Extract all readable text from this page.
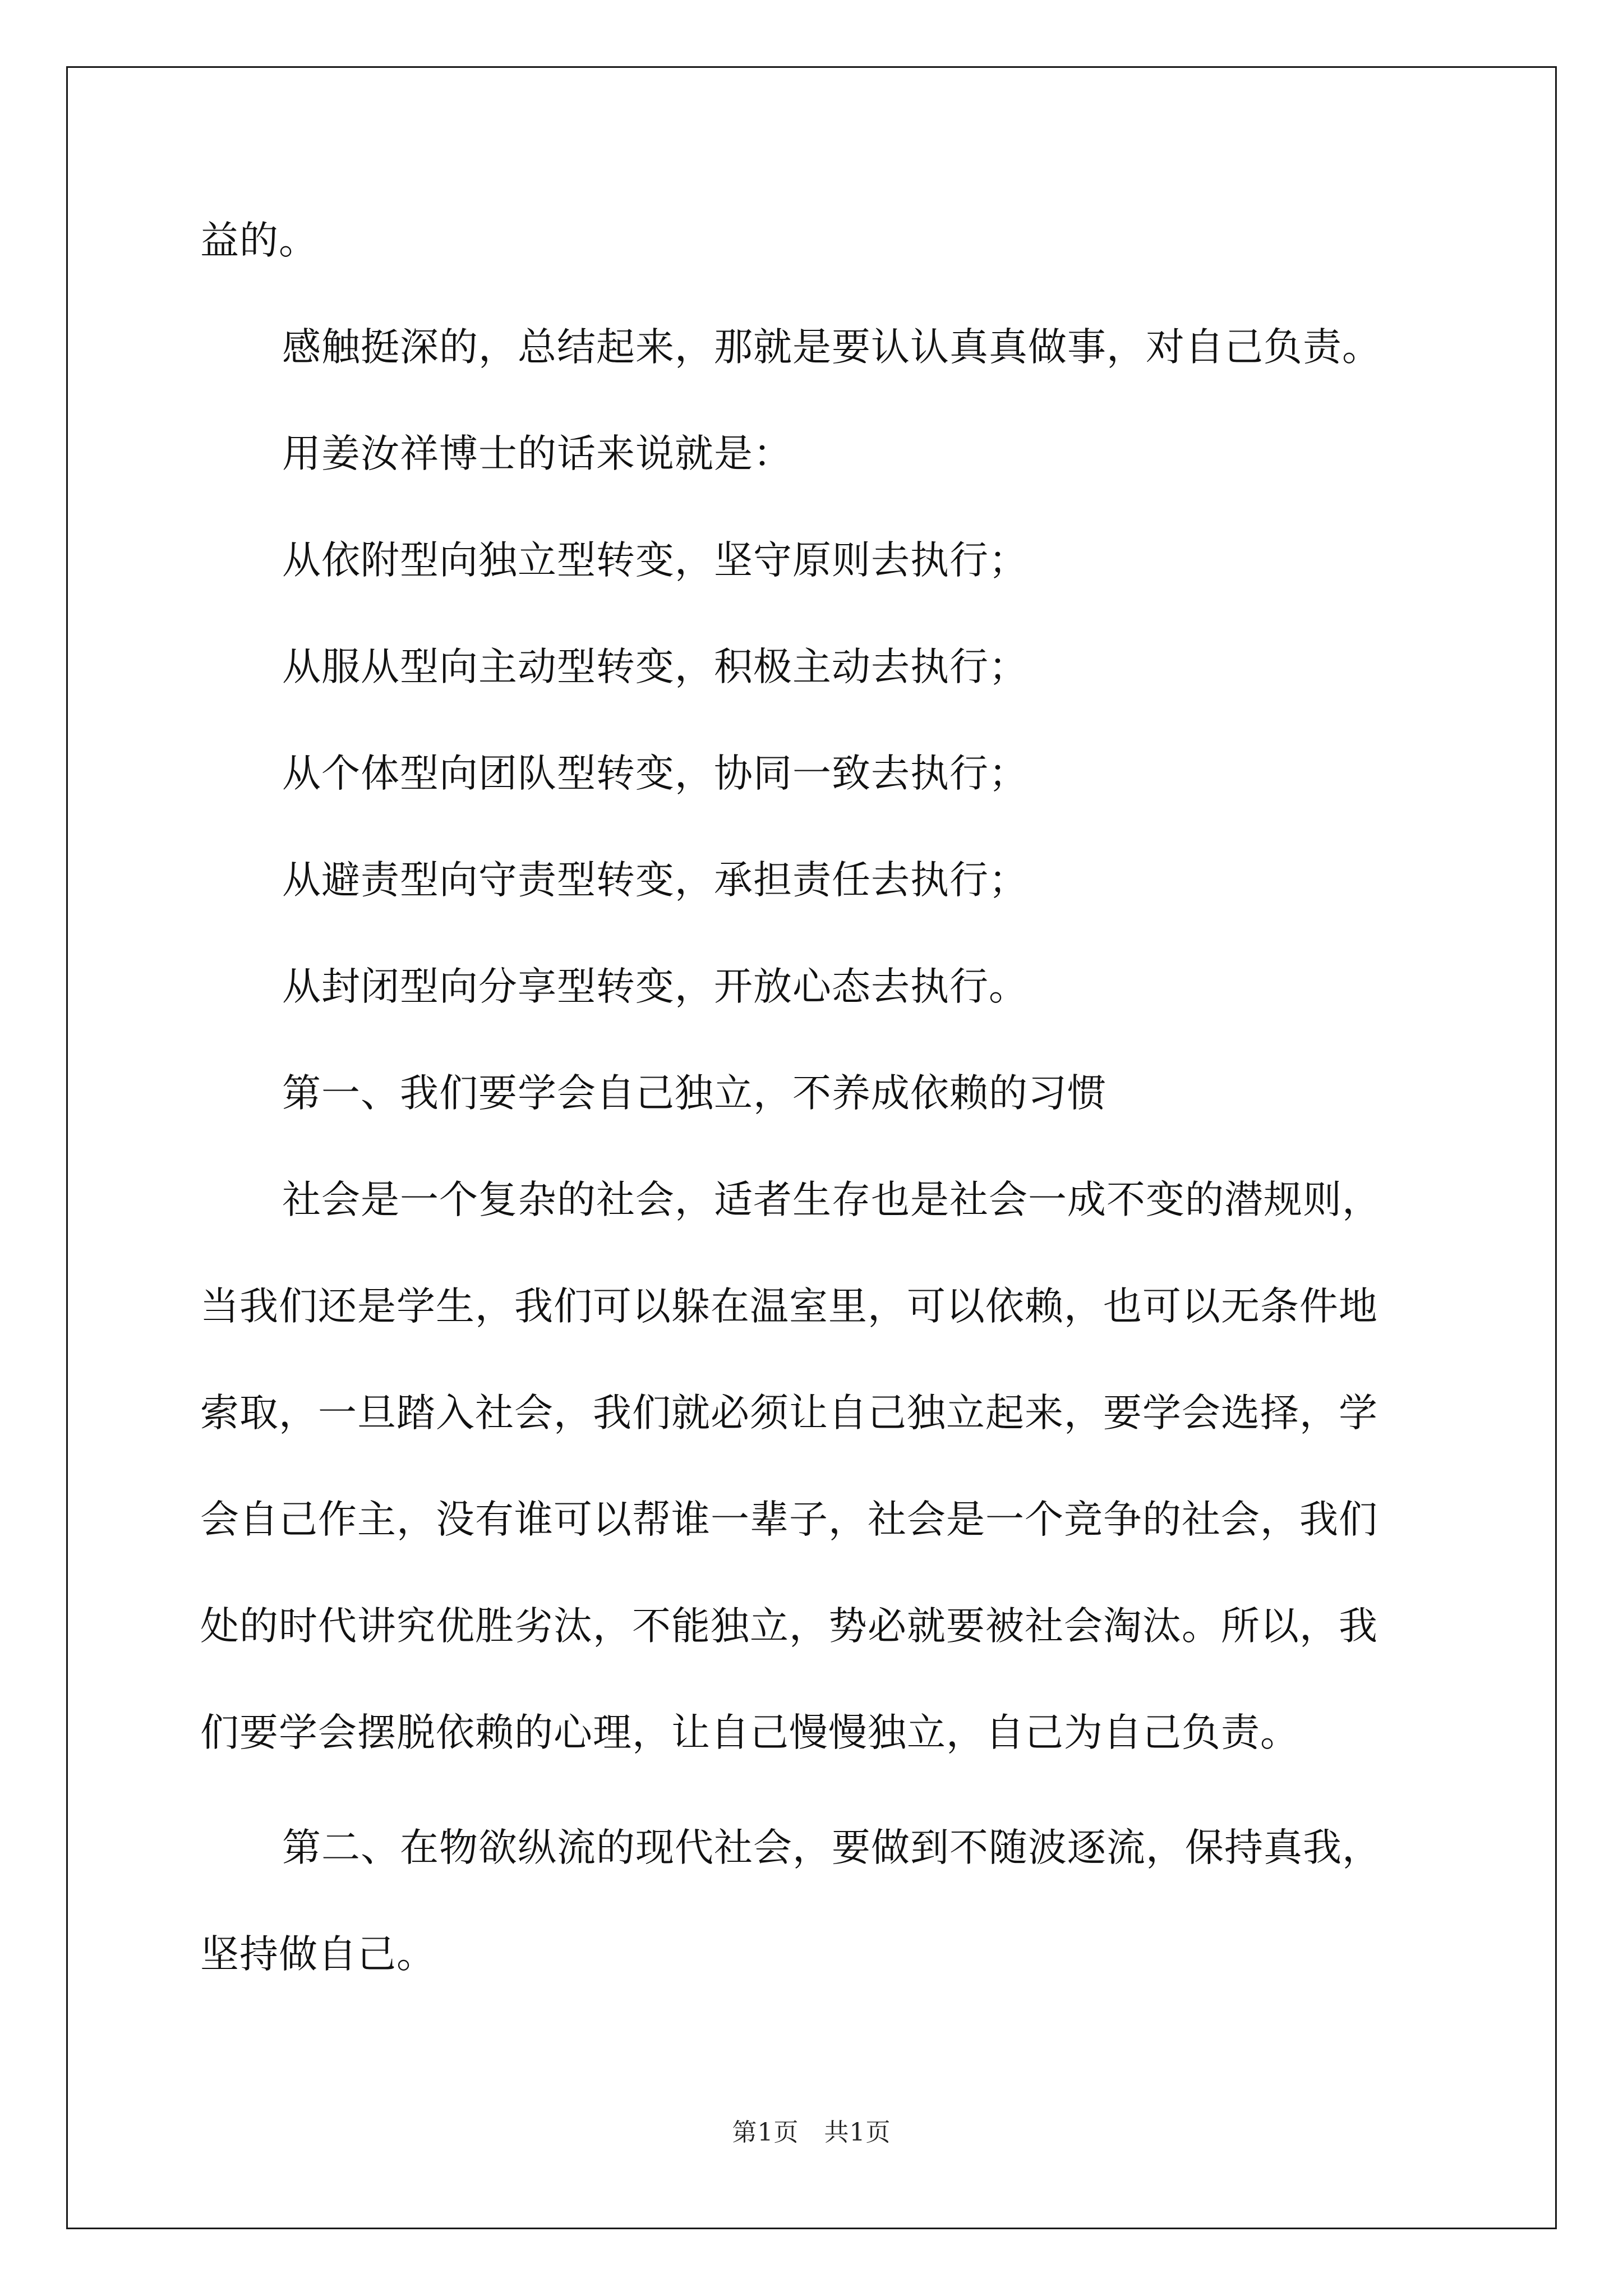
益的。
感触挺深的，总结起来，那就是要认认真真做事，对自己负责。
用姜汝祥博士的话来说就是：
从依附型向独立型转变，坚守原则去执行；
从服从型向主动型转变，积极主动去执行；
从个体型向团队型转变，协同一致去执行；
从避责型向守责型转变，承担责任去执行；
从封闭型向分享型转变，开放心态去执行。
第一、我们要学会自己独立，不养成依赖的习惯
社会是一个复杂的社会，适者生存也是社会一成不变的潜规则，
当我们还是学生，我们可以躲在温室里，可以依赖，也可以无条件地
索取，一旦踏入社会，我们就必须让自己独立起来，要学会选择，学
会自己作主，没有谁可以帮谁一辈子，社会是一个竞争的社会，我们
处的时代讲究优胜劣汰，不能独立，势必就要被社会淘汰。所以，我
们要学会摆脱依赖的心理，让自己慢慢独立，自己为自己负责。
第二、在物欲纵流的现代社会，要做到不随波逐流，保持真我，
坚持做自己。
第1页　共1页
